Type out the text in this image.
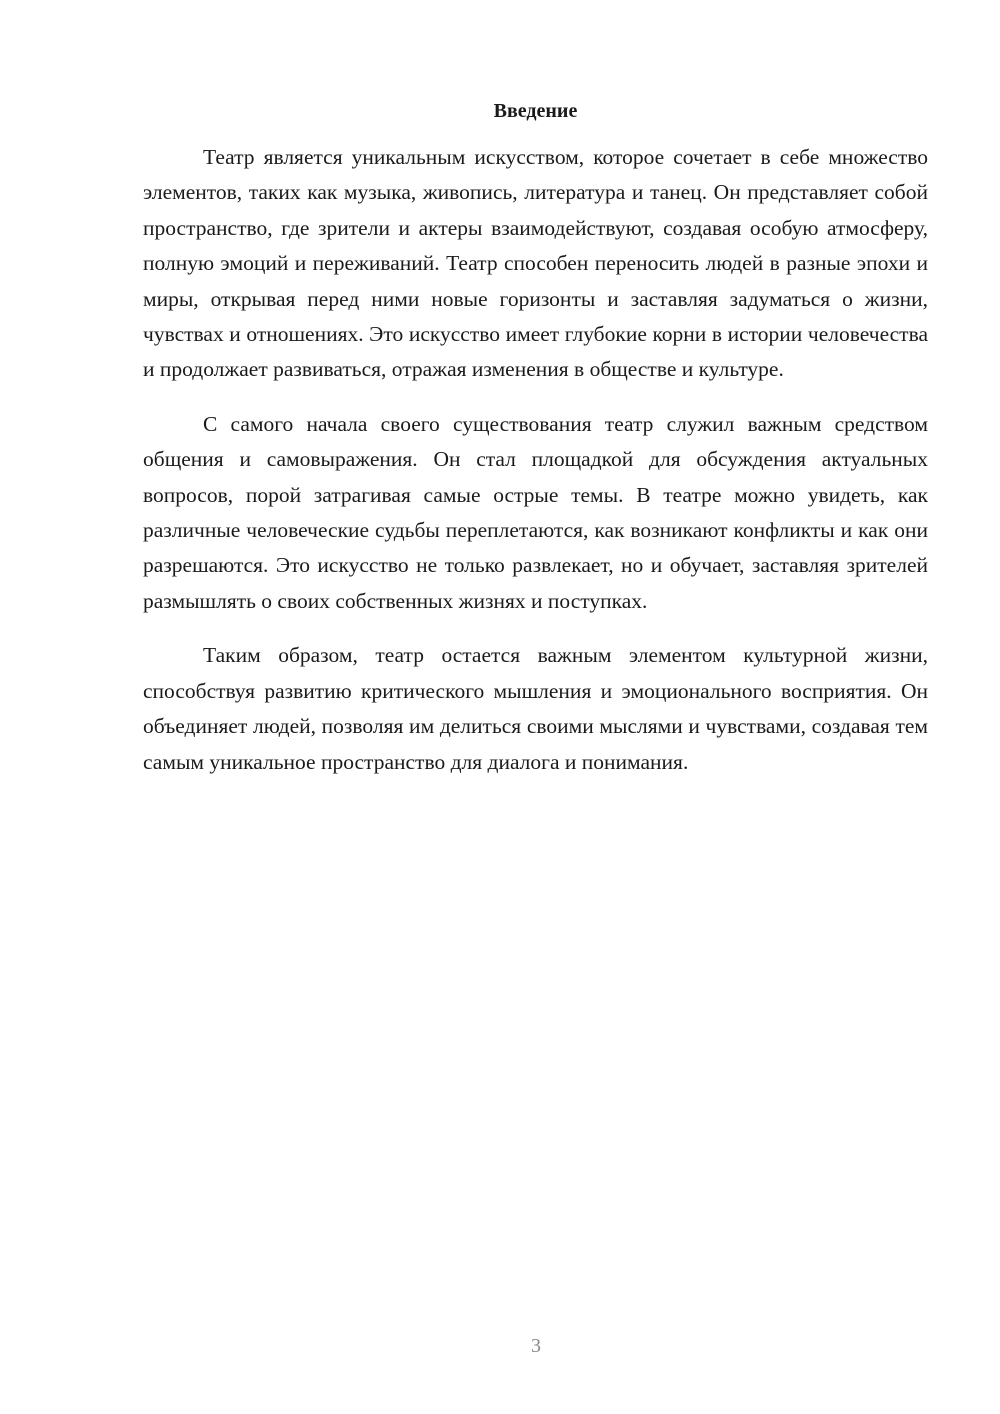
Введение

Театр является уникальным искусством, которое сочетает в себе множество элементов, таких как музыка, живопись, литература и танец. Он представляет собой пространство, где зрители и актеры взаимодействуют, создавая особую атмосферу, полную эмоций и переживаний. Театр способен переносить людей в разные эпохи и миры, открывая перед ними новые горизонты и заставляя задуматься о жизни, чувствах и отношениях. Это искусство имеет глубокие корни в истории человечества и продолжает развиваться, отражая изменения в обществе и культуре.

С самого начала своего существования театр служил важным средством общения и самовыражения. Он стал площадкой для обсуждения актуальных вопросов, порой затрагивая самые острые темы. В театре можно увидеть, как различные человеческие судьбы переплетаются, как возникают конфликты и как они разрешаются. Это искусство не только развлекает, но и обучает, заставляя зрителей размышлять о своих собственных жизнях и поступках.

Таким образом, театр остается важным элементом культурной жизни, способствуя развитию критического мышления и эмоционального восприятия. Он объединяет людей, позволяя им делиться своими мыслями и чувствами, создавая тем самым уникальное пространство для диалога и понимания.

3
